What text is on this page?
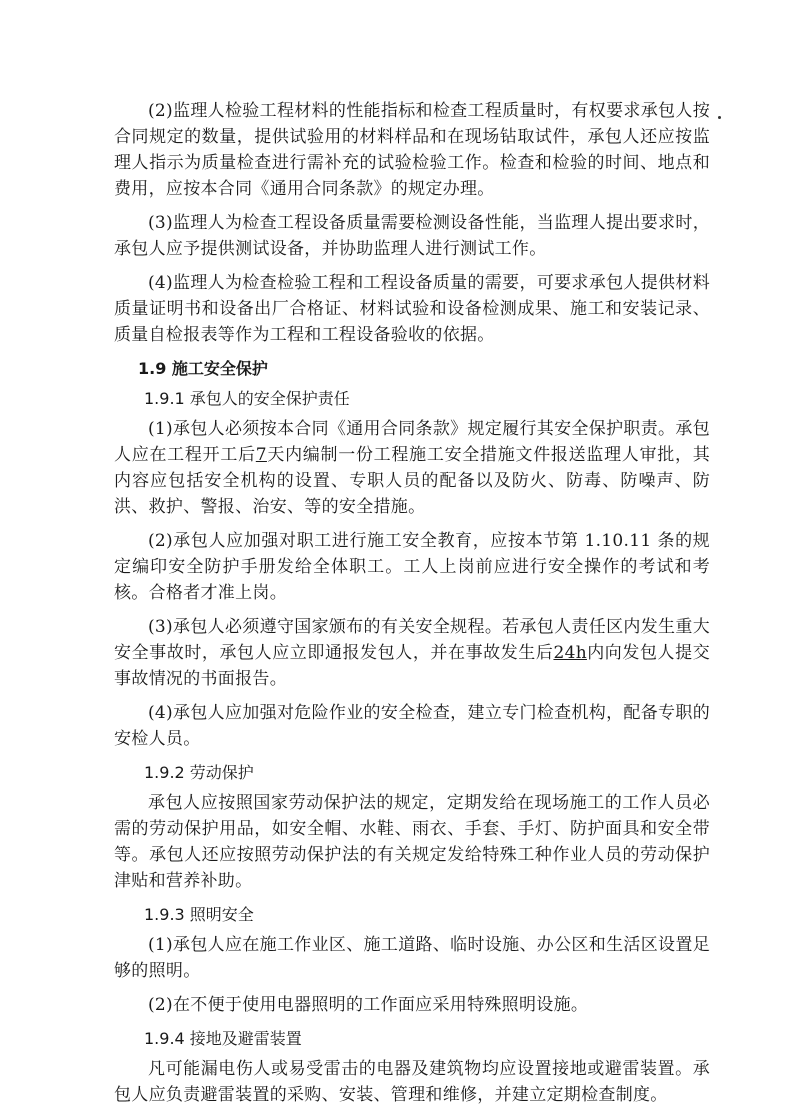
(2)监理人检验工程材料的性能指标和检查工程质量时，有权要求承包人按合同规定的数量，提供试验用的材料样品和在现场钻取试件，承包人还应按监理人指示为质量检查进行需补充的试验检验工作。检查和检验的时间、地点和费用，应按本合同《通用合同条款》的规定办理。

(3)监理人为检查工程设备质量需要检测设备性能，当监理人提出要求时，承包人应予提供测试设备，并协助监理人进行测试工作。

(4)监理人为检查检验工程和工程设备质量的需要，可要求承包人提供材料质量证明书和设备出厂合格证、材料试验和设备检测成果、施工和安装记录、质量自检报表等作为工程和工程设备验收的依据。

1.9 施工安全保护
1.9.1 承包人的安全保护责任

(1)承包人必须按本合同《通用合同条款》规定履行其安全保护职责。承包人应在工程开工后7天内编制一份工程施工安全措施文件报送监理人审批，其内容应包括安全机构的设置、专职人员的配备以及防火、防毒、防噪声、防洪、救护、警报、治安、等的安全措施。

(2)承包人应加强对职工进行施工安全教育，应按本节第 1.10.11 条的规定编印安全防护手册发给全体职工。工人上岗前应进行安全操作的考试和考核。合格者才准上岗。

(3)承包人必须遵守国家颁布的有关安全规程。若承包人责任区内发生重大安全事故时，承包人应立即通报发包人，并在事故发生后24h内向发包人提交事故情况的书面报告。

(4)承包人应加强对危险作业的安全检查，建立专门检查机构，配备专职的安检人员。

1.9.2 劳动保护

承包人应按照国家劳动保护法的规定，定期发给在现场施工的工作人员必需的劳动保护用品，如安全帽、水鞋、雨衣、手套、手灯、防护面具和安全带等。承包人还应按照劳动保护法的有关规定发给特殊工种作业人员的劳动保护津贴和营养补助。

1.9.3 照明安全

(1)承包人应在施工作业区、施工道路、临时设施、办公区和生活区设置足够的照明。

(2)在不便于使用电器照明的工作面应采用特殊照明设施。

1.9.4 接地及避雷装置

凡可能漏电伤人或易受雷击的电器及建筑物均应设置接地或避雷装置。承包人应负责避雷装置的采购、安装、管理和维修，并建立定期检查制度。
